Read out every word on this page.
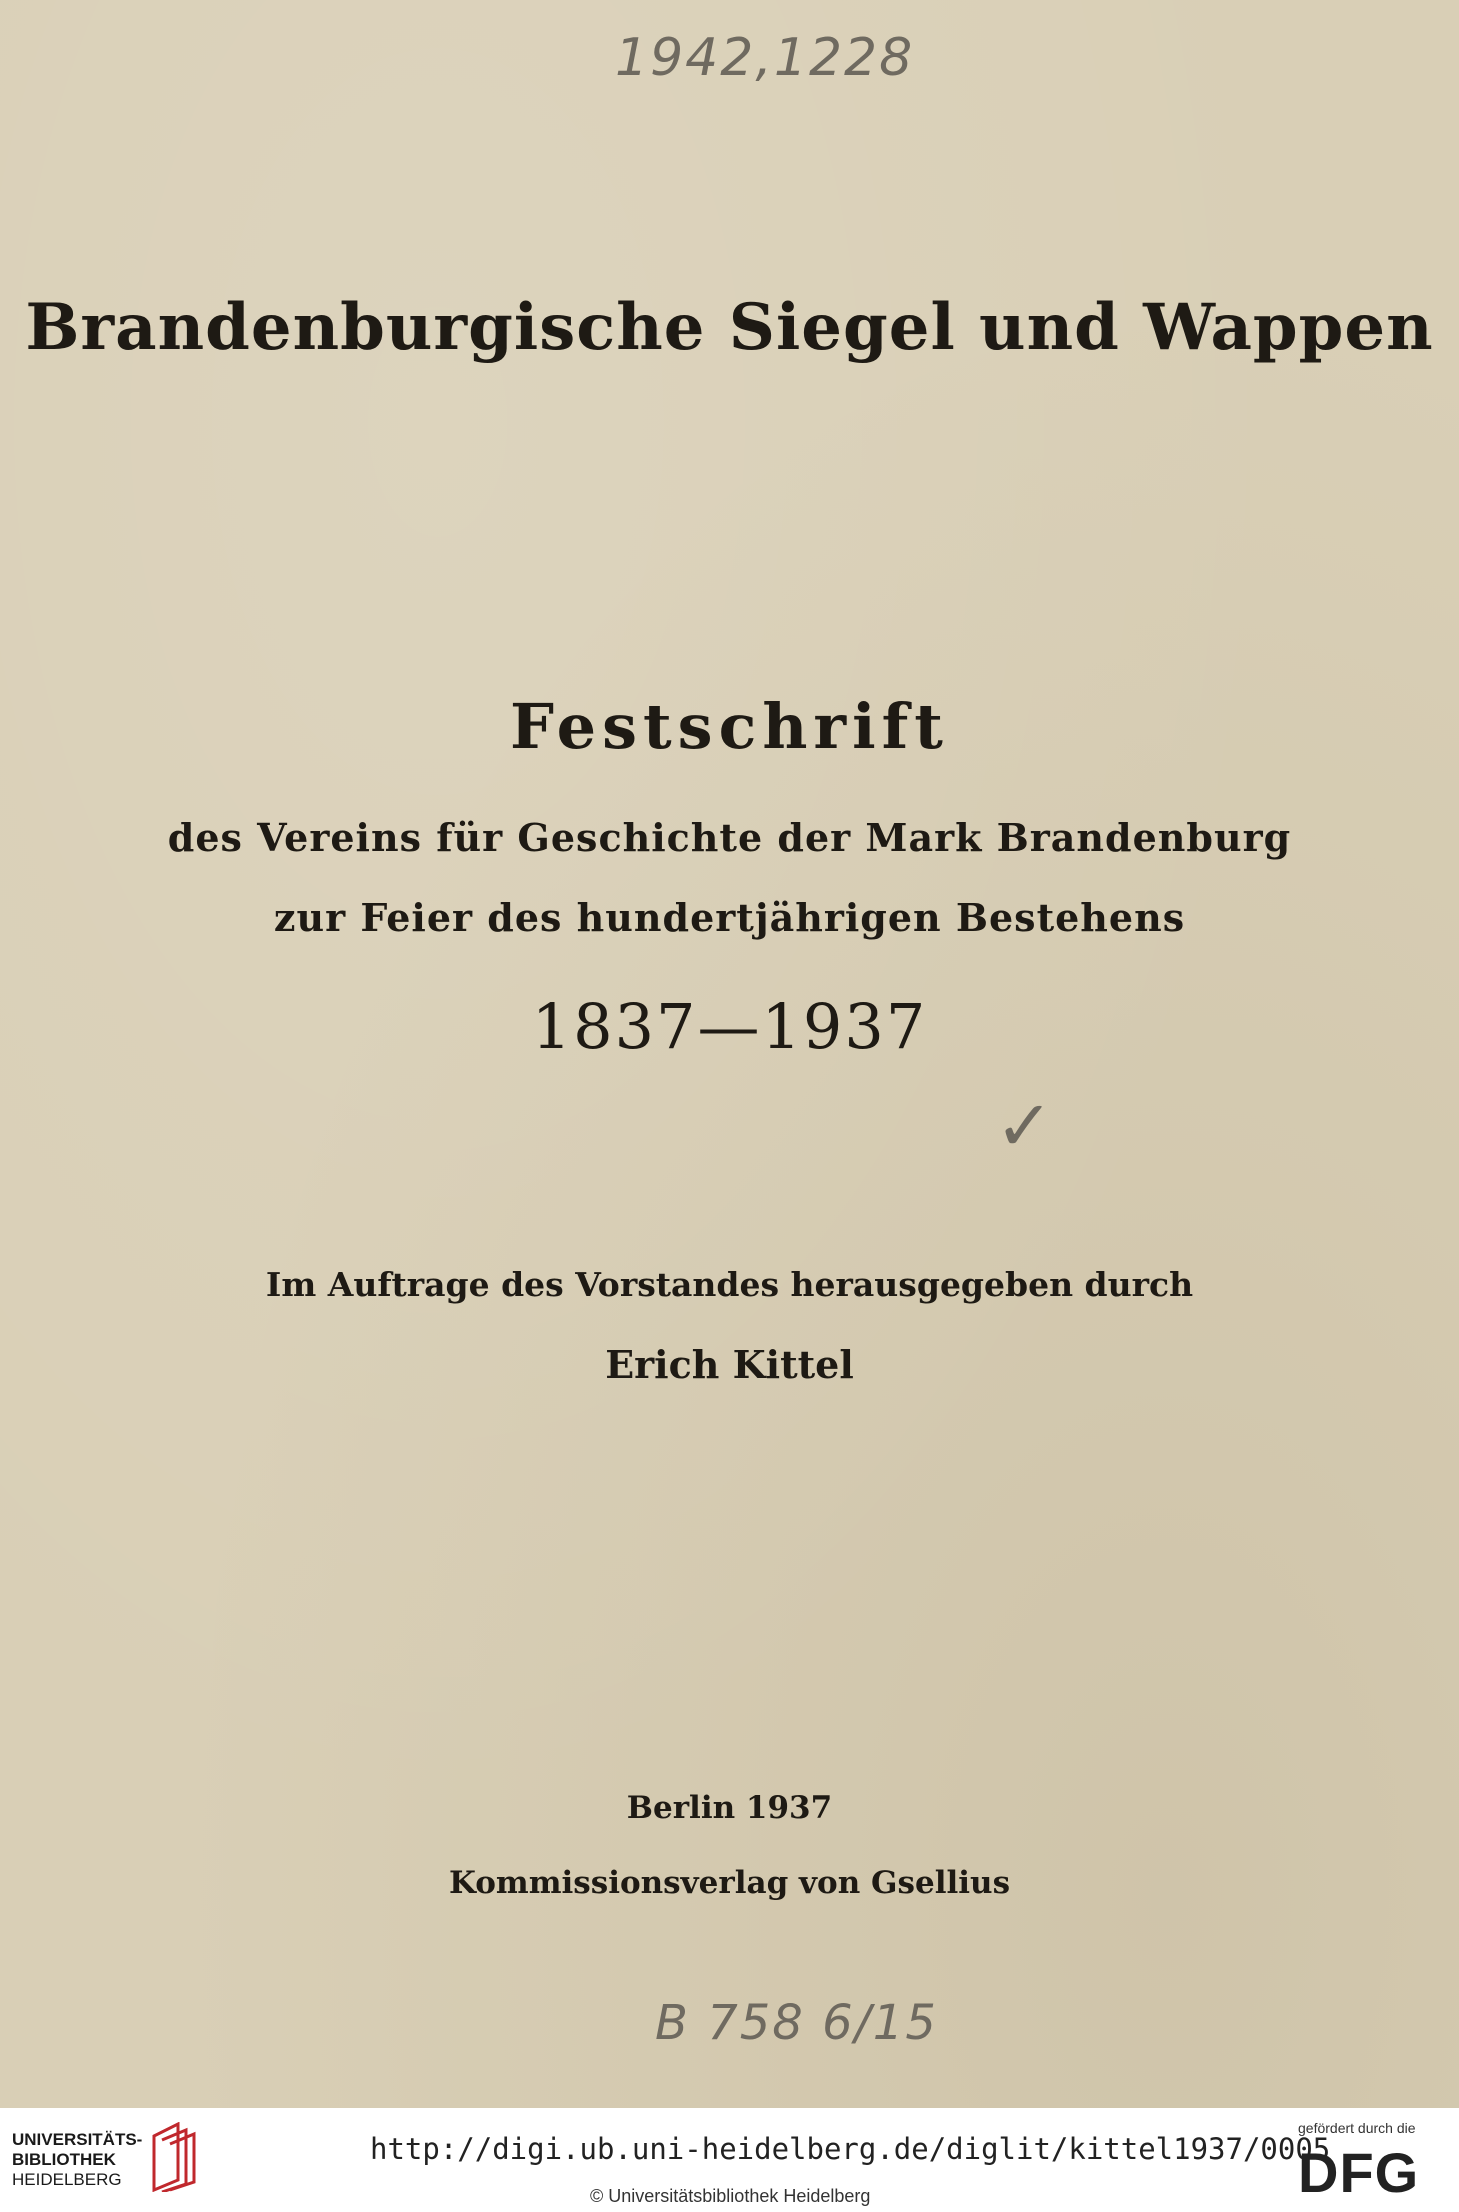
1942,1228
Brandenburgische Siegel und Wappen
Festschrift
des Vereins für Geschichte der Mark Brandenburg
zur Feier des hundertjährigen Bestehens
1837—1937
✓
Im Auftrage des Vorstandes herausgegeben durch
Erich Kittel
Berlin 1937
Kommissionsverlag von Gsellius
B 758 6/15
UNIVERSITÄTS-
BIBLIOTHEK
HEIDELBERG
http://digi.ub.uni-heidelberg.de/diglit/kittel1937/0005
© Universitätsbibliothek Heidelberg
gefördert durch die
DFG
